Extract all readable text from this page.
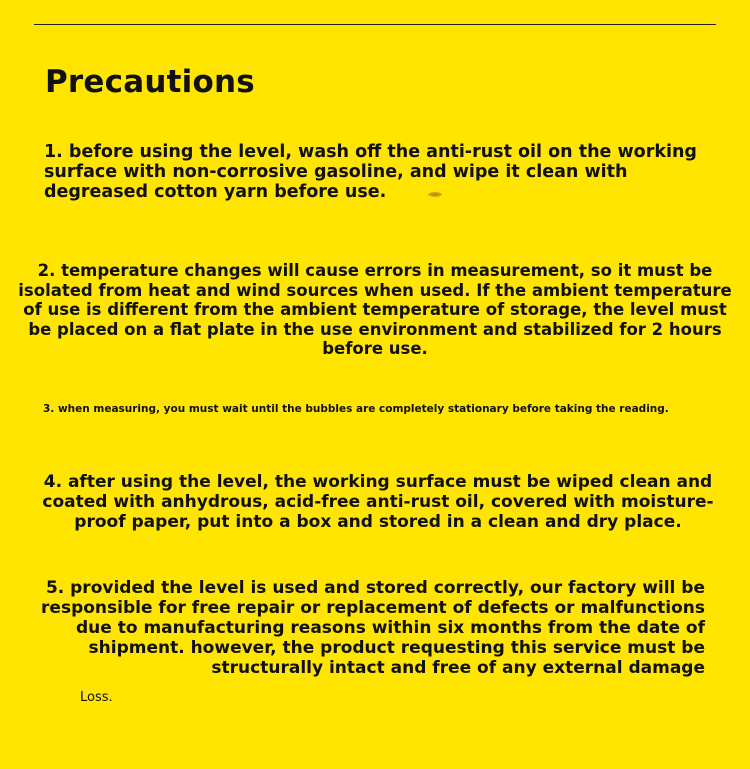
Precautions

1. before using the level, wash off the anti-rust oil on the working surface with non-corrosive gasoline, and wipe it clean with degreased cotton yarn before use.

2. temperature changes will cause errors in measurement, so it must be isolated from heat and wind sources when used. If the ambient temperature of use is different from the ambient temperature of storage, the level must be placed on a flat plate in the use environment and stabilized for 2 hours before use.

3. when measuring, you must wait until the bubbles are completely stationary before taking the reading.

4. after using the level, the working surface must be wiped clean and coated with anhydrous, acid-free anti-rust oil, covered with moisture-proof paper, put into a box and stored in a clean and dry place.

5. provided the level is used and stored correctly, our factory will be responsible for free repair or replacement of defects or malfunctions due to manufacturing reasons within six months from the date of shipment. however, the product requesting this service must be structurally intact and free of any external damage

Loss.
